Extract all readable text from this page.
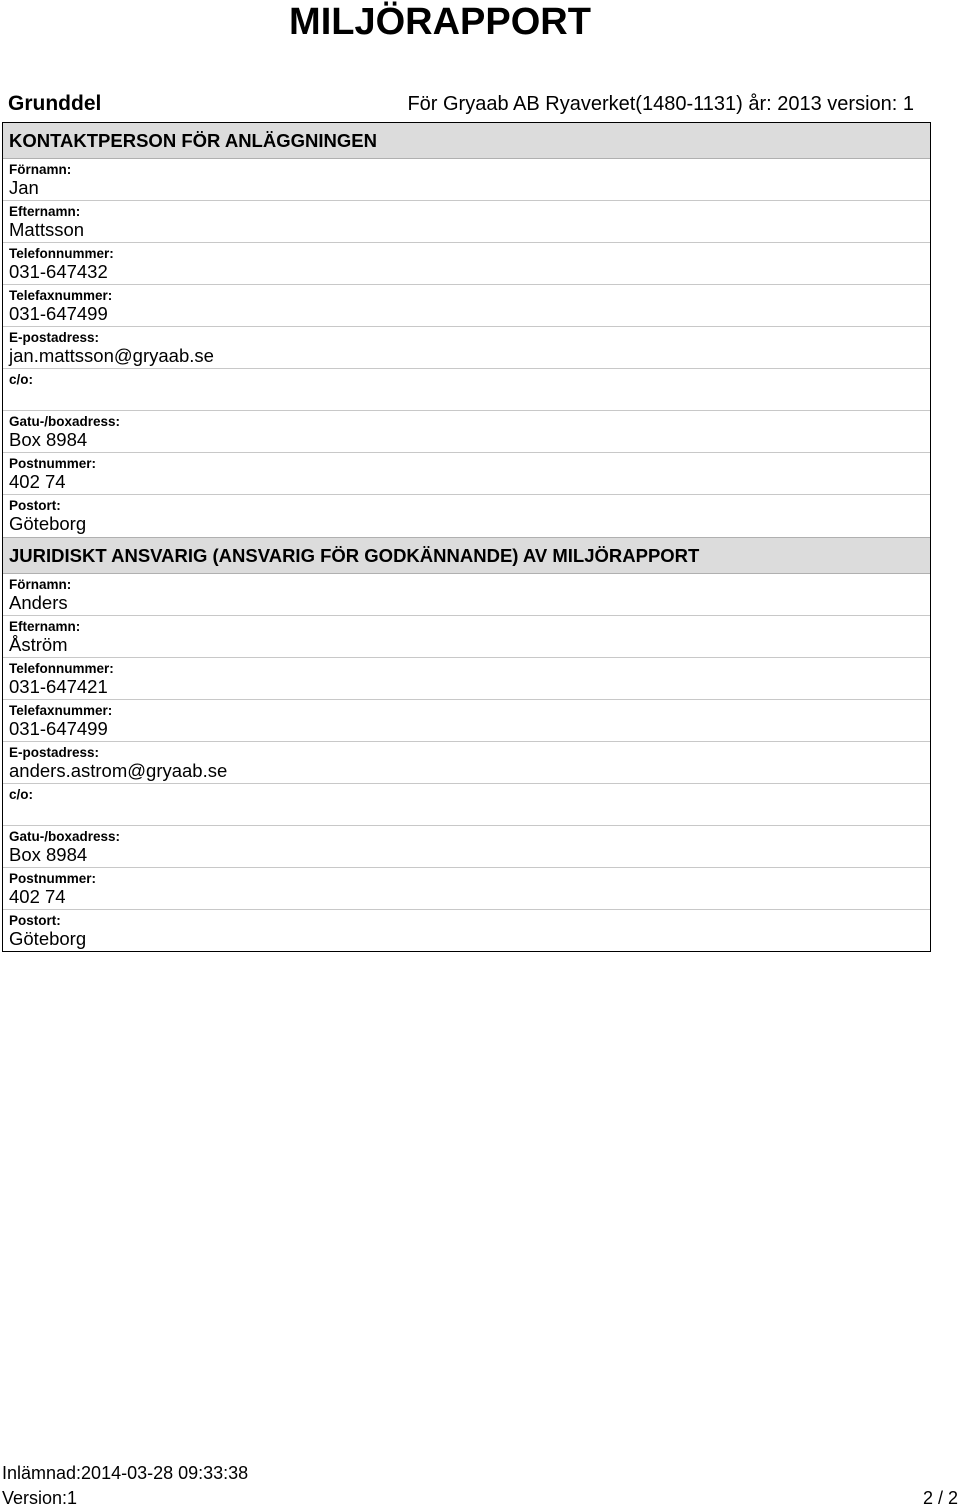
MILJÖRAPPORT
Grunddel	För Gryaab AB Ryaverket(1480-1131) år: 2013 version: 1
KONTAKTPERSON FÖR ANLÄGGNINGEN
Förnamn:
Jan
Efternamn:
Mattsson
Telefonnummer:
031-647432
Telefaxnummer:
031-647499
E-postadress:
jan.mattsson@gryaab.se
c/o:
Gatu-/boxadress:
Box 8984
Postnummer:
402 74
Postort:
Göteborg
JURIDISKT ANSVARIG (ANSVARIG FÖR GODKÄNNANDE) AV MILJÖRAPPORT
Förnamn:
Anders
Efternamn:
Åström
Telefonnummer:
031-647421
Telefaxnummer:
031-647499
E-postadress:
anders.astrom@gryaab.se
c/o:
Gatu-/boxadress:
Box 8984
Postnummer:
402 74
Postort:
Göteborg
Inlämnad:2014-03-28 09:33:38
Version:1	2 / 2
